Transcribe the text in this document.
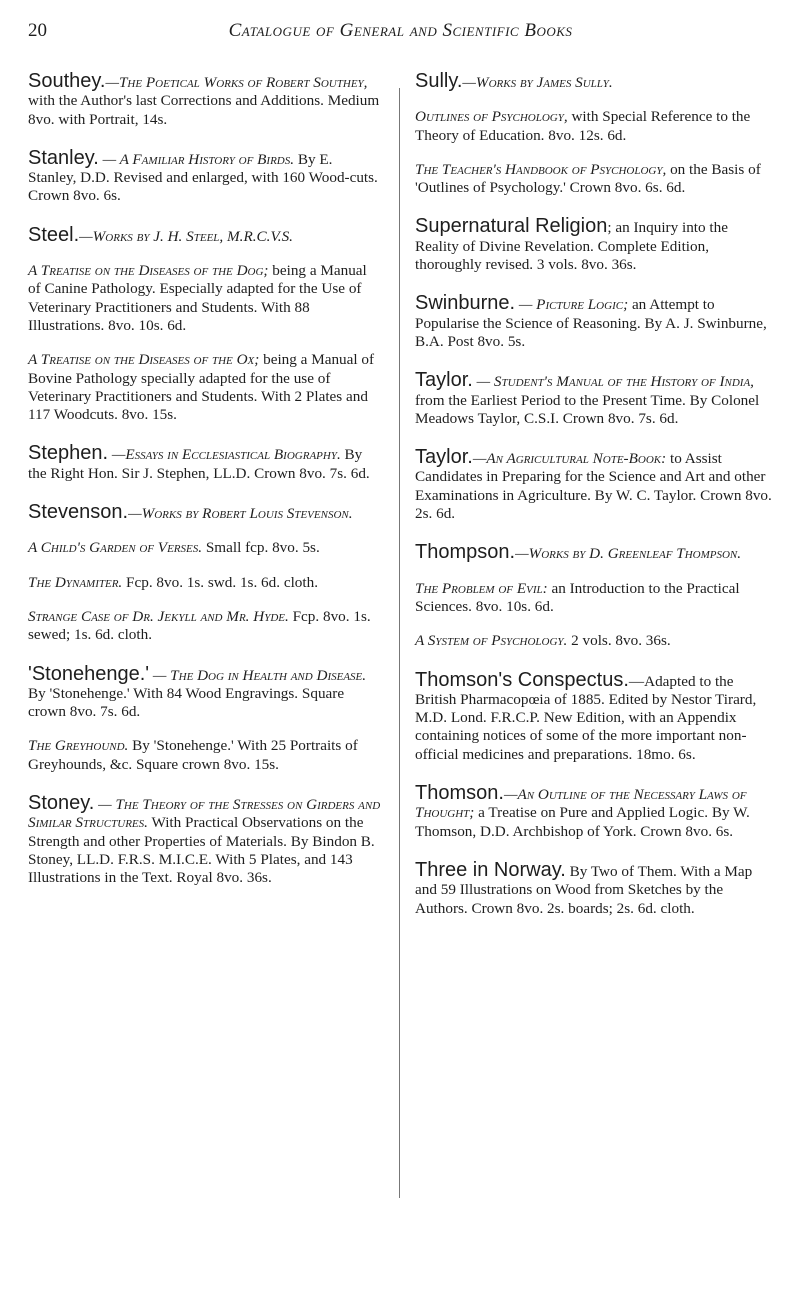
20	Catalogue of General and Scientific Books
Southey.—The Poetical Works of Robert Southey, with the Author's last Corrections and Additions. Medium 8vo. with Portrait, 14s.
Stanley. — A Familiar History of Birds. By E. Stanley, D.D. Revised and enlarged, with 160 Wood-cuts. Crown 8vo. 6s.
Steel.—Works by J. H. Steel, M.R.C.V.S.
A Treatise on the Diseases of the Dog; being a Manual of Canine Pathology. Especially adapted for the Use of Veterinary Practitioners and Students. With 88 Illustrations. 8vo. 10s. 6d.
A Treatise on the Diseases of the Ox; being a Manual of Bovine Pathology specially adapted for the use of Veterinary Practitioners and Students. With 2 Plates and 117 Woodcuts. 8vo. 15s.
Stephen. —Essays in Ecclesiastical Biography. By the Right Hon. Sir J. Stephen, LL.D. Crown 8vo. 7s. 6d.
Stevenson.—Works by Robert Louis Stevenson.
A Child's Garden of Verses. Small fcp. 8vo. 5s.
The Dynamiter. Fcp. 8vo. 1s. swd. 1s. 6d. cloth.
Strange Case of Dr. Jekyll and Mr. Hyde. Fcp. 8vo. 1s. sewed; 1s. 6d. cloth.
'Stonehenge.' — The Dog in Health and Disease. By 'Stonehenge.' With 84 Wood Engravings. Square crown 8vo. 7s. 6d.
The Greyhound. By 'Stonehenge.' With 25 Portraits of Greyhounds, &c. Square crown 8vo. 15s.
Stoney. — The Theory of the Stresses on Girders and Similar Structures. With Practical Observations on the Strength and other Properties of Materials. By Bindon B. Stoney, LL.D. F.R.S. M.I.C.E. With 5 Plates, and 143 Illustrations in the Text. Royal 8vo. 36s.
Sully.—Works by James Sully.
Outlines of Psychology, with Special Reference to the Theory of Education. 8vo. 12s. 6d.
The Teacher's Handbook of Psychology, on the Basis of 'Outlines of Psychology.' Crown 8vo. 6s. 6d.
Supernatural Religion; an Inquiry into the Reality of Divine Revelation. Complete Edition, thoroughly revised. 3 vols. 8vo. 36s.
Swinburne. — Picture Logic; an Attempt to Popularise the Science of Reasoning. By A. J. Swinburne, B.A. Post 8vo. 5s.
Taylor. — Student's Manual of the History of India, from the Earliest Period to the Present Time. By Colonel Meadows Taylor, C.S.I. Crown 8vo. 7s. 6d.
Taylor.—An Agricultural Note-Book: to Assist Candidates in Preparing for the Science and Art and other Examinations in Agriculture. By W. C. Taylor. Crown 8vo. 2s. 6d.
Thompson.—Works by D. Greenleaf Thompson.
The Problem of Evil: an Introduction to the Practical Sciences. 8vo. 10s. 6d.
A System of Psychology. 2 vols. 8vo. 36s.
Thomson's Conspectus.—Adapted to the British Pharmacopœia of 1885. Edited by Nestor Tirard, M.D. Lond. F.R.C.P. New Edition, with an Appendix containing notices of some of the more important non-official medicines and preparations. 18mo. 6s.
Thomson.—An Outline of the Necessary Laws of Thought; a Treatise on Pure and Applied Logic. By W. Thomson, D.D. Archbishop of York. Crown 8vo. 6s.
Three in Norway. By Two of Them. With a Map and 59 Illustrations on Wood from Sketches by the Authors. Crown 8vo. 2s. boards; 2s. 6d. cloth.
